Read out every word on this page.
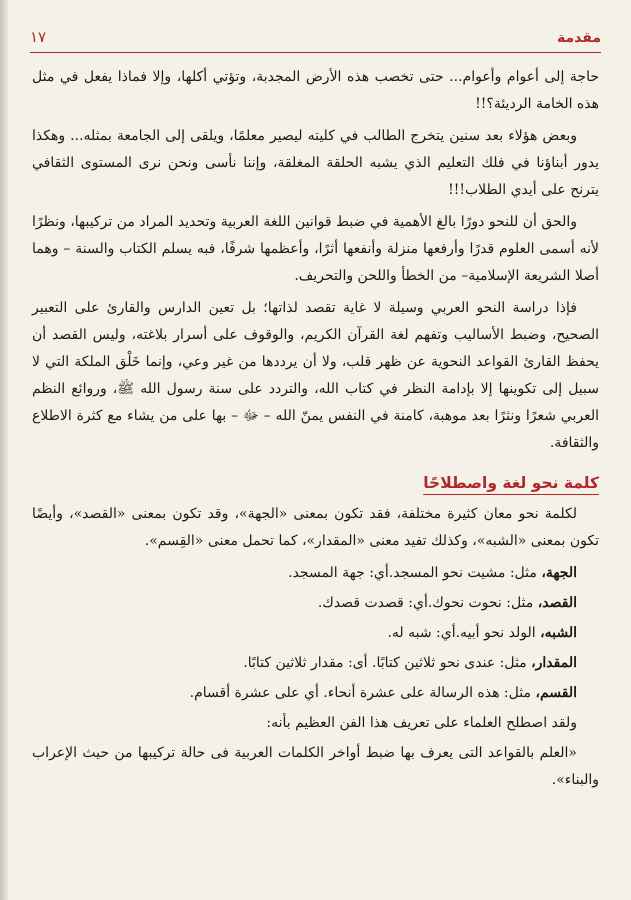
مقدمة
١٧

حاجة إلى أعوام وأعوام... حتى تخصب هذه الأرض المجدبة، وتؤتي أكلها، وإلا فماذا يفعل في مثل هذه الخامة الرديئة؟!!

وبعض هؤلاء بعد سنين يتخرج الطالب في كليته ليصير معلمًا، ويلقى إلى الجامعة بمثله... وهكذا يدور أبناؤنا في فلك التعليم الذي يشبه الحلقة المغلقة، وإننا نأسى ونحن نرى المستوى الثقافي يترنح على أيدي الطلاب!!!

والحق أن للنحو دورًا بالغ الأهمية في ضبط قوانين اللغة العربية وتحديد المراد من تركيبها، ونظرًا لأنه أسمى العلوم قدرًا وأرفعها منزلة وأنفعها أثرًا، وأعظمها شرفًا، فبه يسلم الكتاب والسنة – وهما أصلا الشريعة الإسلامية– من الخطأ واللحن والتحريف.

فإذا دراسة النحو العربي وسيلة لا غاية تقصد لذاتها؛ بل تعين الدارس والقارئ على التعبير الصحيح، وضبط الأساليب وتفهم لغة القرآن الكريم، والوقوف على أسرار بلاغته، وليس القصد أن يحفظ القارئ القواعد النحوية عن ظهر قلب، ولا أن يرددها من غير وعي، وإنما خَلْق الملكة التي لا سبيل إلى تكوينها إلا بإدامة النظر في كتاب الله، والتردد على سنة رسول الله ﷺ، وروائع النظم العربي شعرًا ونثرًا بعد موهبة، كامنة في النفس يمنّ الله – ﷻ – بها على من يشاء مع كثرة الاطلاع والثقافة.

كلمة نحو لغة واصطلاحًا

لكلمة نحو معان كثيرة مختلفة، فقد تكون بمعنى «الجهة»، وقد تكون بمعنى «القصد»، وأيضًا تكون بمعنى «الشبه»، وكذلك تفيد معنى «المقدار»، كما تحمل معنى «القِسم».

الجهة، مثل: مشيت نحو المسجد.أي: جهة المسجد.

القصد، مثل: نحوت نحوك.أي: قصدت قصدك.

الشبه، الولد نحو أبيه.أي: شبه له.

المقدار، مثل: عندى نحو ثلاثين كتابًا. أى: مقدار ثلاثين كتابًا.

القسم، مثل: هذه الرسالة على عشرة أنحاء. أي على عشرة أقسام.

ولقد اصطلح العلماء على تعريف هذا الفن العظيم بأنه:

«العلم بالقواعد التى يعرف بها ضبط أواخر الكلمات العربية فى حالة تركيبها من حيث الإعراب والبناء».
